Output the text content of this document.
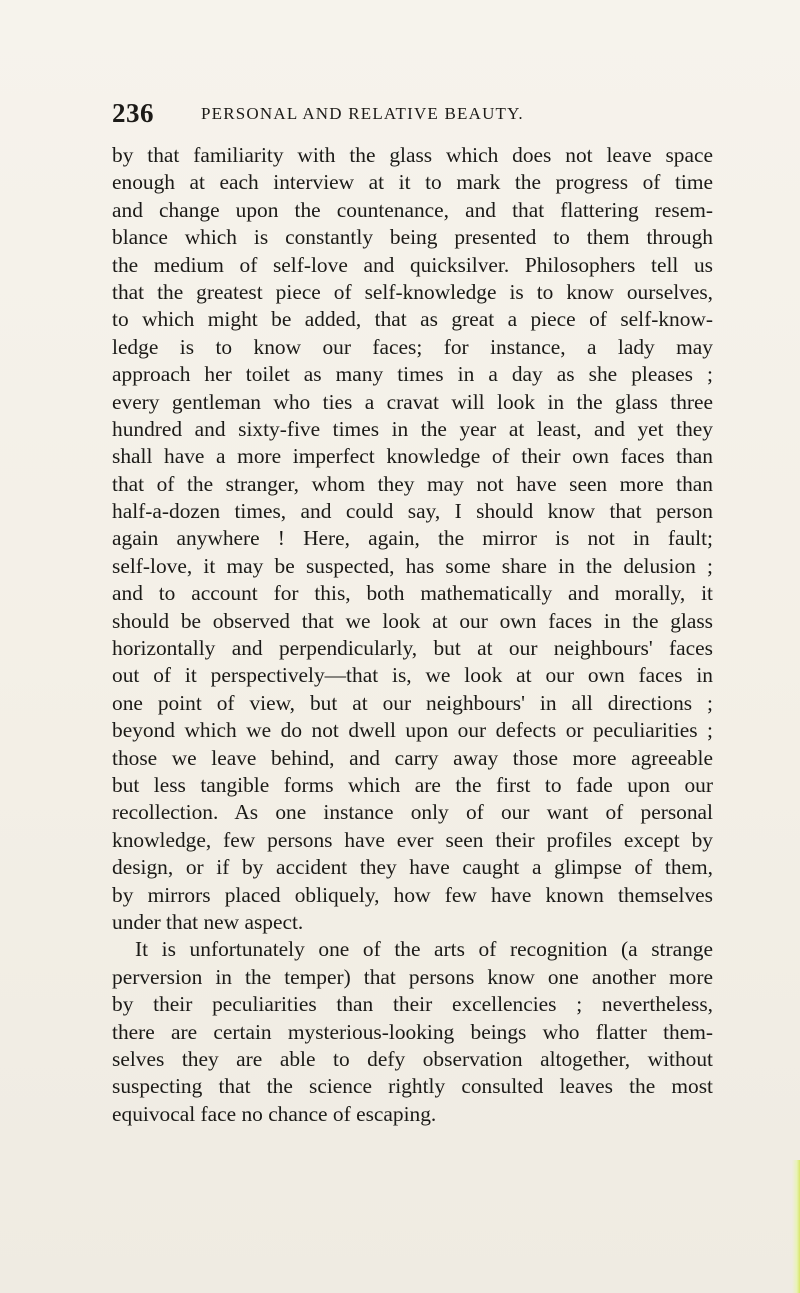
236	PERSONAL AND RELATIVE BEAUTY.
by that familiarity with the glass which does not leave space
enough at each interview at it to mark the progress of time
and change upon the countenance, and that flattering resem-
blance which is constantly being presented to them through
the medium of self-love and quicksilver. Philosophers tell us
that the greatest piece of self-knowledge is to know ourselves,
to which might be added, that as great a piece of self-know-
ledge is to know our faces; for instance, a lady may
approach her toilet as many times in a day as she pleases ;
every gentleman who ties a cravat will look in the glass three
hundred and sixty-five times in the year at least, and yet they
shall have a more imperfect knowledge of their own faces than
that of the stranger, whom they may not have seen more than
half-a-dozen times, and could say, I should know that person
again anywhere ! Here, again, the mirror is not in fault;
self-love, it may be suspected, has some share in the delusion ;
and to account for this, both mathematically and morally, it
should be observed that we look at our own faces in the glass
horizontally and perpendicularly, but at our neighbours' faces
out of it perspectively—that is, we look at our own faces in
one point of view, but at our neighbours' in all directions ;
beyond which we do not dwell upon our defects or peculiarities ;
those we leave behind, and carry away those more agreeable
but less tangible forms which are the first to fade upon our
recollection. As one instance only of our want of personal
knowledge, few persons have ever seen their profiles except by
design, or if by accident they have caught a glimpse of them,
by mirrors placed obliquely, how few have known themselves
under that new aspect.
It is unfortunately one of the arts of recognition (a strange
perversion in the temper) that persons know one another more
by their peculiarities than their excellencies ; nevertheless,
there are certain mysterious-looking beings who flatter them-
selves they are able to defy observation altogether, without
suspecting that the science rightly consulted leaves the most
equivocal face no chance of escaping.
